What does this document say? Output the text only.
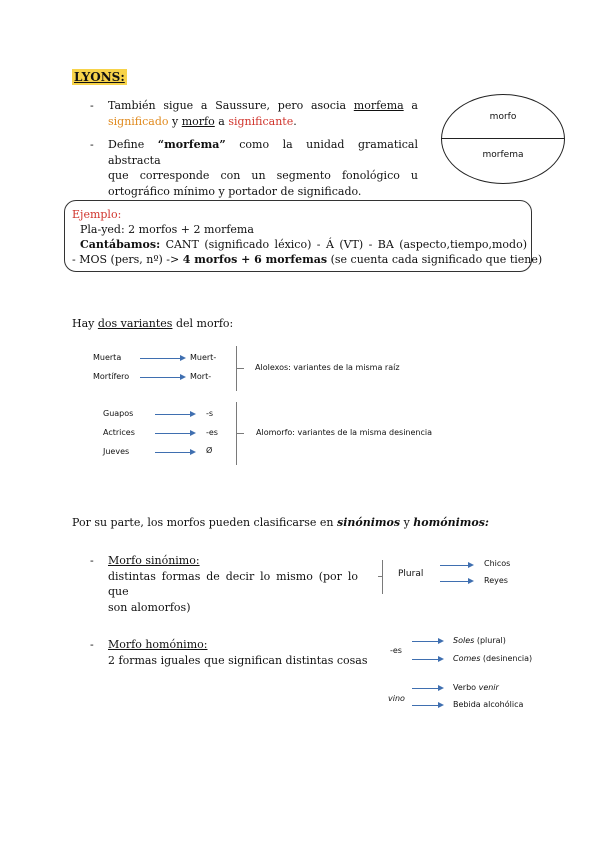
LYONS:
- También sigue a Saussure, pero asocia morfema a
significado y morfo a significante.
- Define “morfema” como la unidad gramatical abstracta
que corresponde con un segmento fonológico u
ortográfico mínimo y portador de significado.
morfo
morfema
Ejemplo:
Pla-yed: 2 morfos + 2 morfema
Cantábamos: CANT (significado léxico) - Á (VT) - BA (aspecto,tiempo,modo)
- MOS (pers, nº) -> 4 morfos + 6 morfemas (se cuenta cada significado que tiene)
Hay dos variantes del morfo:
Muerta	Muert-
Mortífero	Mort-
Alolexos: variantes de la misma raíz
Guapos	-s
Actrices	-es
Jueves	Ø
Alomorfo: variantes de la misma desinencia
Por su parte, los morfos pueden clasificarse en sinónimos y homónimos:
- Morfo sinónimo:
distintas formas de decir lo mismo (por lo que
son alomorfos)
Plural
Chicos
Reyes
- Morfo homónimo:
2 formas iguales que significan distintas cosas
-es
Soles (plural)
Comes (desinencia)
vino
Verbo venir
Bebida alcohólica
